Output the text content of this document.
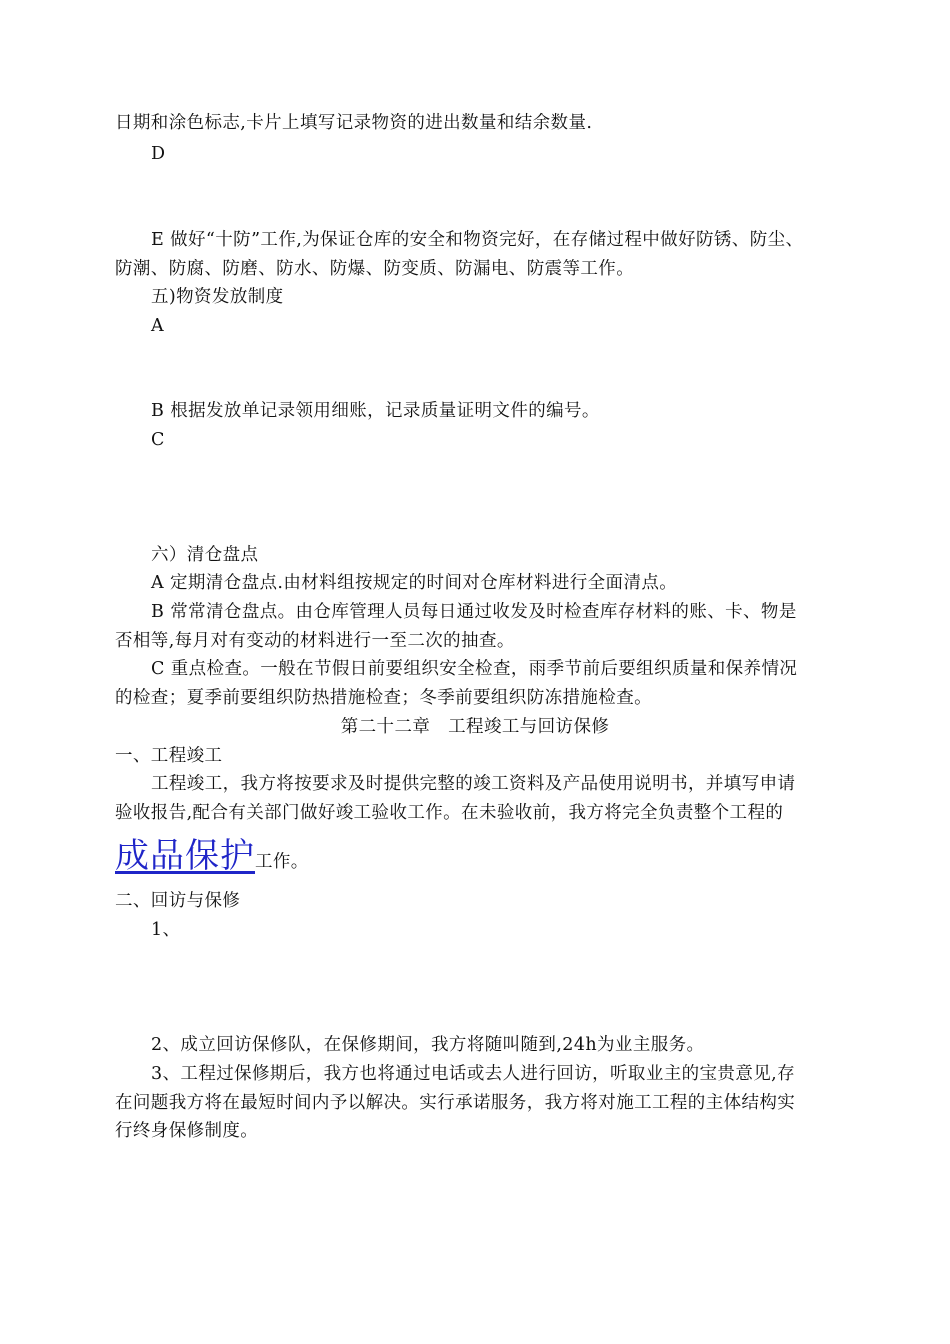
日期和涂色标志,卡片上填写记录物资的进出数量和结余数量.
D
E 做好“十防”工作,为保证仓库的安全和物资完好，在存储过程中做好防锈、防尘、
防潮、防腐、防磨、防水、防爆、防变质、防漏电、防震等工作。
五)物资发放制度
A
B 根据发放单记录领用细账，记录质量证明文件的编号。
C
六）清仓盘点
A 定期清仓盘点.由材料组按规定的时间对仓库材料进行全面清点。
B 常常清仓盘点。由仓库管理人员每日通过收发及时检查库存材料的账、卡、物是
否相等,每月对有变动的材料进行一至二次的抽查。
C 重点检查。一般在节假日前要组织安全检查，雨季节前后要组织质量和保养情况
的检查；夏季前要组织防热措施检查；冬季前要组织防冻措施检查。
第二十二章　工程竣工与回访保修
一、工程竣工
工程竣工，我方将按要求及时提供完整的竣工资料及产品使用说明书，并填写申请
验收报告,配合有关部门做好竣工验收工作。在未验收前，我方将完全负责整个工程的
成品保护工作。
二、回访与保修
1、
2、成立回访保修队，在保修期间，我方将随叫随到,24h为业主服务。
3、工程过保修期后，我方也将通过电话或去人进行回访，听取业主的宝贵意见,存
在问题我方将在最短时间内予以解决。实行承诺服务，我方将对施工工程的主体结构实
行终身保修制度。
